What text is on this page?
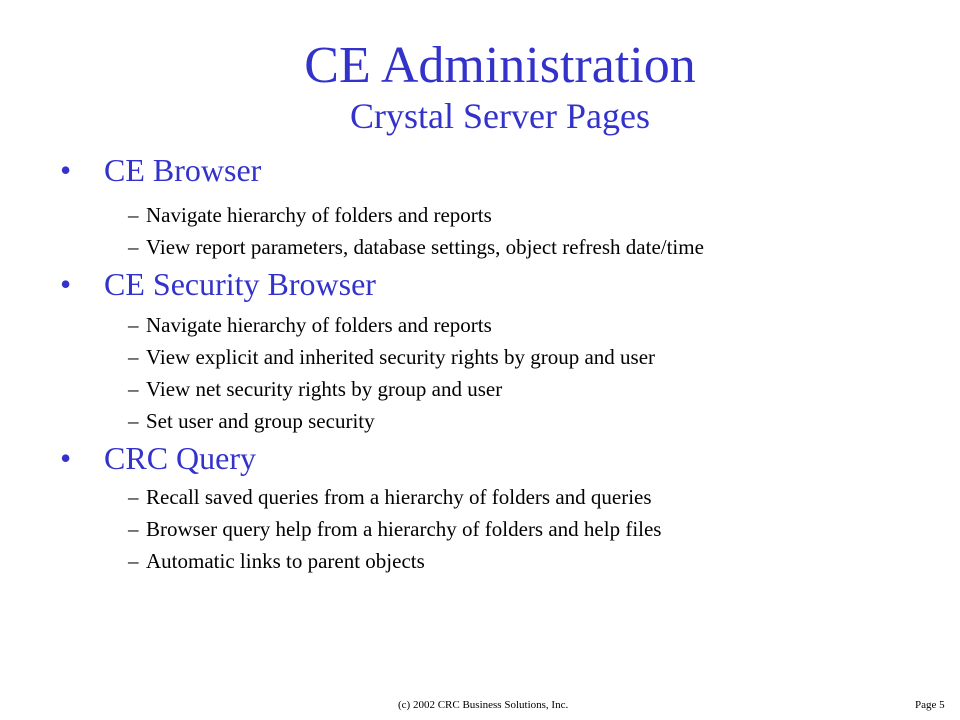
CE Administration
Crystal Server Pages
• CE Browser
– Navigate hierarchy of folders and reports
– View report parameters, database settings, object refresh date/time
• CE Security Browser
– Navigate hierarchy of folders and reports
– View explicit and inherited security rights by group and user
– View net security rights by group and user
– Set user and group security
• CRC Query
– Recall saved queries from a hierarchy of folders and queries
– Browser query help from a hierarchy of folders and help files
– Automatic links to parent objects
(c) 2002 CRC Business Solutions, Inc.	Page 5
